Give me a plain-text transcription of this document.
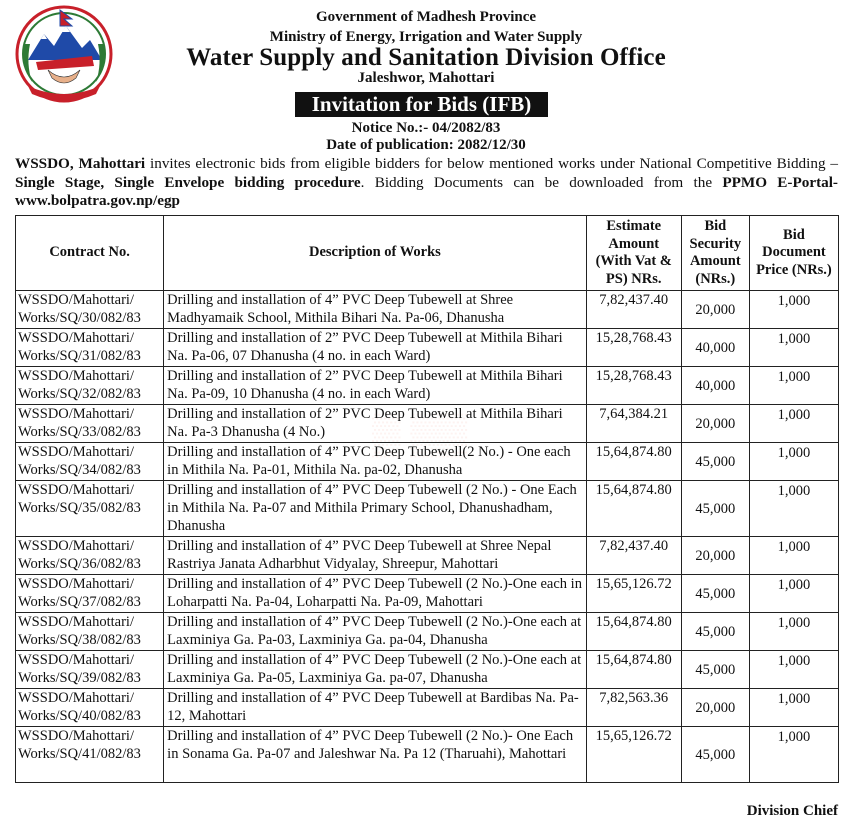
Government of Madhesh Province
Ministry of Energy, Irrigation and Water Supply
Water Supply and Sanitation Division Office
Jaleshwor, Mahottari
Invitation for Bids (IFB)
Notice No.:- 04/2082/83
Date of publication: 2082/12/30
WSSDO, Mahottari invites electronic bids from eligible bidders for below mentioned works under National Competitive Bidding – Single Stage, Single Envelope bidding procedure. Bidding Documents can be downloaded from the PPMO E-Portal-www.bolpatra.gov.np/egp
▒ ▒▒
Contract No.	Description of Works	Estimate Amount (With Vat & PS) NRs.	Bid Security Amount (NRs.)	Bid Document Price (NRs.)
WSSDO/Mahottari/
Works/SQ/30/082/83	Drilling and installation of 4” PVC Deep Tubewell at Shree Madhyamaik School, Mithila Bihari Na. Pa-06, Dhanusha	7,82,437.40	20,000	1,000
WSSDO/Mahottari/
Works/SQ/31/082/83	Drilling and installation of 2” PVC Deep Tubewell at Mithila Bihari Na. Pa-06, 07 Dhanusha (4 no. in each Ward)	15,28,768.43	40,000	1,000
WSSDO/Mahottari/
Works/SQ/32/082/83	Drilling and installation of 2” PVC Deep Tubewell at Mithila Bihari Na. Pa-09, 10 Dhanusha (4 no. in each Ward)	15,28,768.43	40,000	1,000
WSSDO/Mahottari/
Works/SQ/33/082/83	Drilling and installation of 2” PVC Deep Tubewell at Mithila Bihari Na. Pa-3 Dhanusha (4 No.)	7,64,384.21	20,000	1,000
WSSDO/Mahottari/
Works/SQ/34/082/83	Drilling and installation of 4” PVC Deep Tubewell(2 No.) - One each in Mithila Na. Pa-01, Mithila Na. pa-02, Dhanusha	15,64,874.80	45,000	1,000
WSSDO/Mahottari/
Works/SQ/35/082/83	Drilling and installation of 4” PVC Deep Tubewell (2 No.) - One Each in Mithila Na. Pa-07 and Mithila Primary School, Dhanushadham, Dhanusha	15,64,874.80	45,000	1,000
WSSDO/Mahottari/
Works/SQ/36/082/83	Drilling and installation of 4” PVC Deep Tubewell at Shree Nepal Rastriya Janata Adharbhut Vidyalay, Shreepur, Mahottari	7,82,437.40	20,000	1,000
WSSDO/Mahottari/
Works/SQ/37/082/83	Drilling and installation of 4” PVC Deep Tubewell (2 No.)-One each in Loharpatti Na. Pa-04, Loharpatti Na. Pa-09, Mahottari	15,65,126.72	45,000	1,000
WSSDO/Mahottari/
Works/SQ/38/082/83	Drilling and installation of 4” PVC Deep Tubewell (2 No.)-One each at Laxminiya Ga. Pa-03, Laxminiya Ga. pa-04, Dhanusha	15,64,874.80	45,000	1,000
WSSDO/Mahottari/
Works/SQ/39/082/83	Drilling and installation of 4” PVC Deep Tubewell (2 No.)-One each at Laxminiya Ga. Pa-05, Laxminiya Ga. pa-07, Dhanusha	15,64,874.80	45,000	1,000
WSSDO/Mahottari/
Works/SQ/40/082/83	Drilling and installation of 4” PVC Deep Tubewell at Bardibas Na. Pa-12, Mahottari	7,82,563.36	20,000	1,000
WSSDO/Mahottari/
Works/SQ/41/082/83	Drilling and installation of 4” PVC Deep Tubewell (2 No.)- One Each in Sonama Ga. Pa-07 and Jaleshwar Na. Pa 12 (Tharuahi), Mahottari	15,65,126.72	45,000	1,000
Division Chief
